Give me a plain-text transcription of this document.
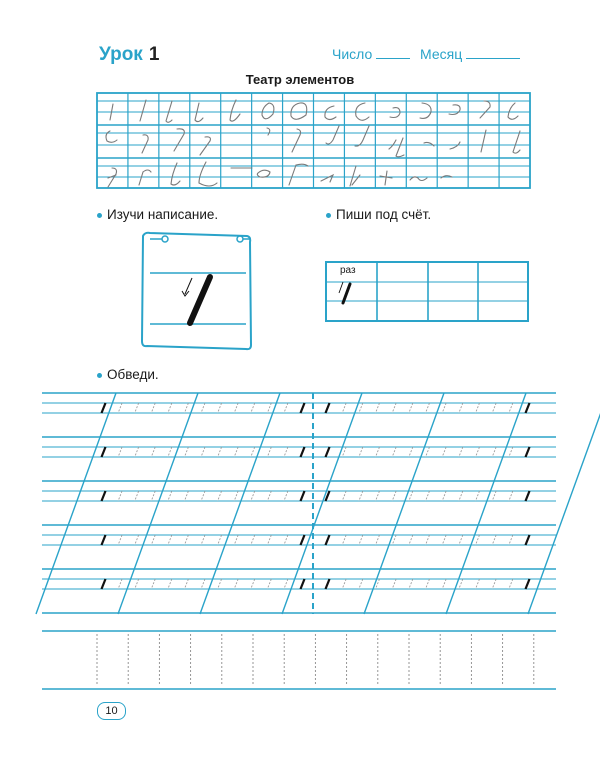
Урок 1	Число	Месяц
Театр элементов
Изучи написание.	Пиши под счёт.
Обведи.
раз
10
